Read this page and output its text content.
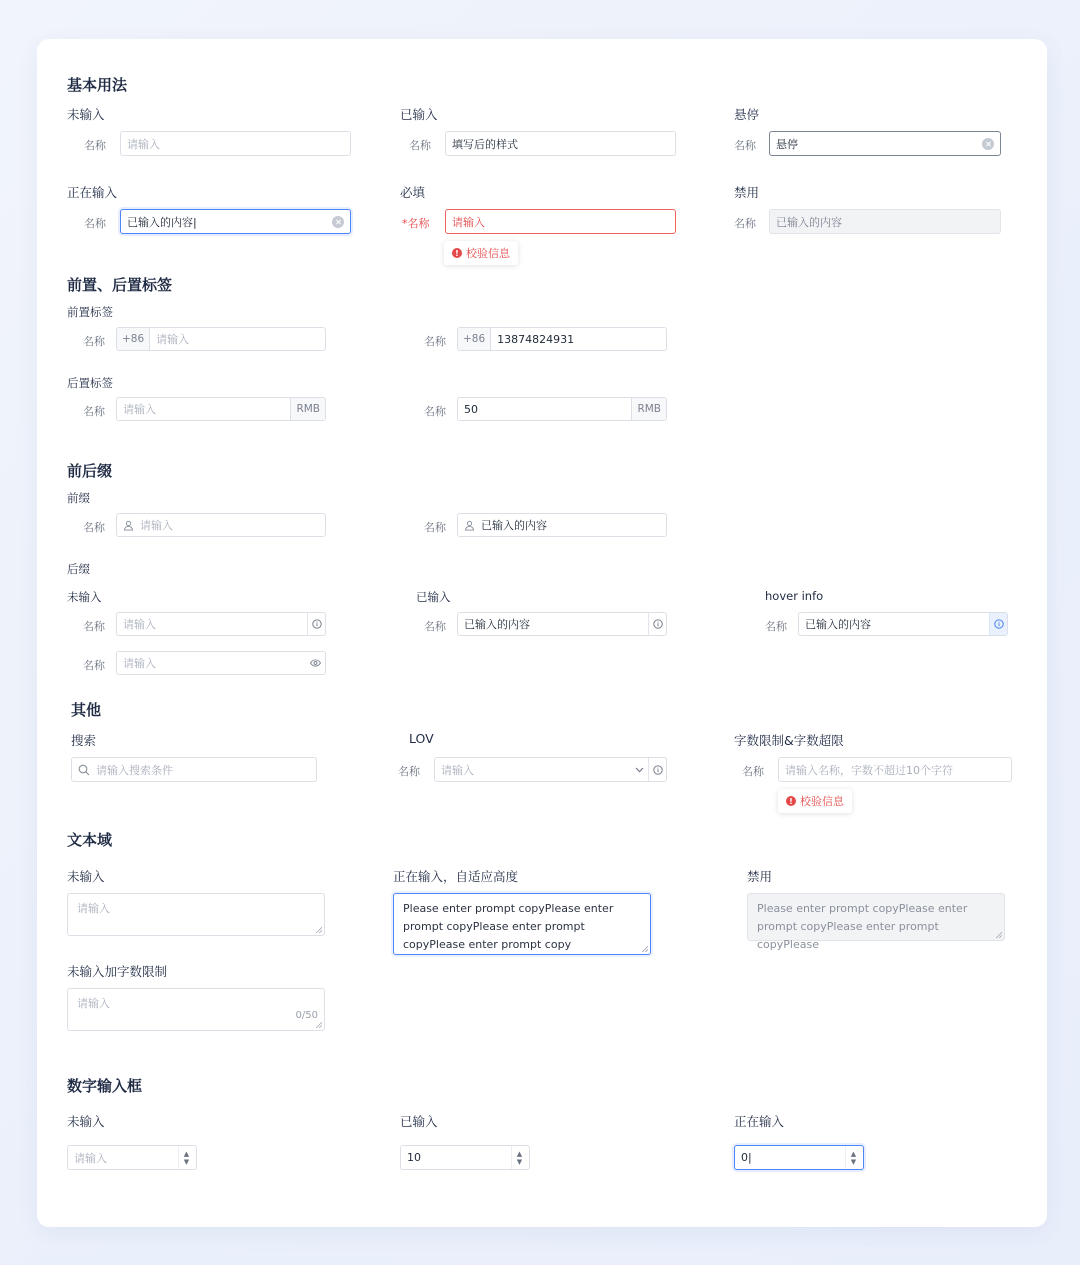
基本用法
未输入
名称	请输入
已输入
名称	填写后的样式
悬停
名称	悬停
正在输入
名称	已输入的内容|
必填
*名称	请输入
! 校验信息
禁用
名称	已输入的内容
前置、后置标签
前置标签
名称	+86	请输入	名称	+86	13874824931
后置标签
名称	请输入	RMB	名称	50	RMB
前后缀
前缀
名称	请输入	名称	已输入的内容
后缀
未输入	已输入	hover info
名称	请输入	名称	已输入的内容	名称	已输入的内容
名称	请输入
其他
搜索
请输入搜索条件
LOV
名称	请输入
字数限制&字数超限
名称	请输入名称，字数不超过10个字符
! 校验信息
文本域
未输入
请输入
正在输入，自适应高度
Please enter prompt copyPlease enter prompt copyPlease enter prompt copyPlease enter prompt copy
禁用
Please enter prompt copyPlease enter prompt copyPlease enter prompt copyPlease
未输入加字数限制
请输入
0/50
数字输入框
未输入
请输入	▲
▼
已输入
10	▲
▼
正在输入
0|	▲
▼
